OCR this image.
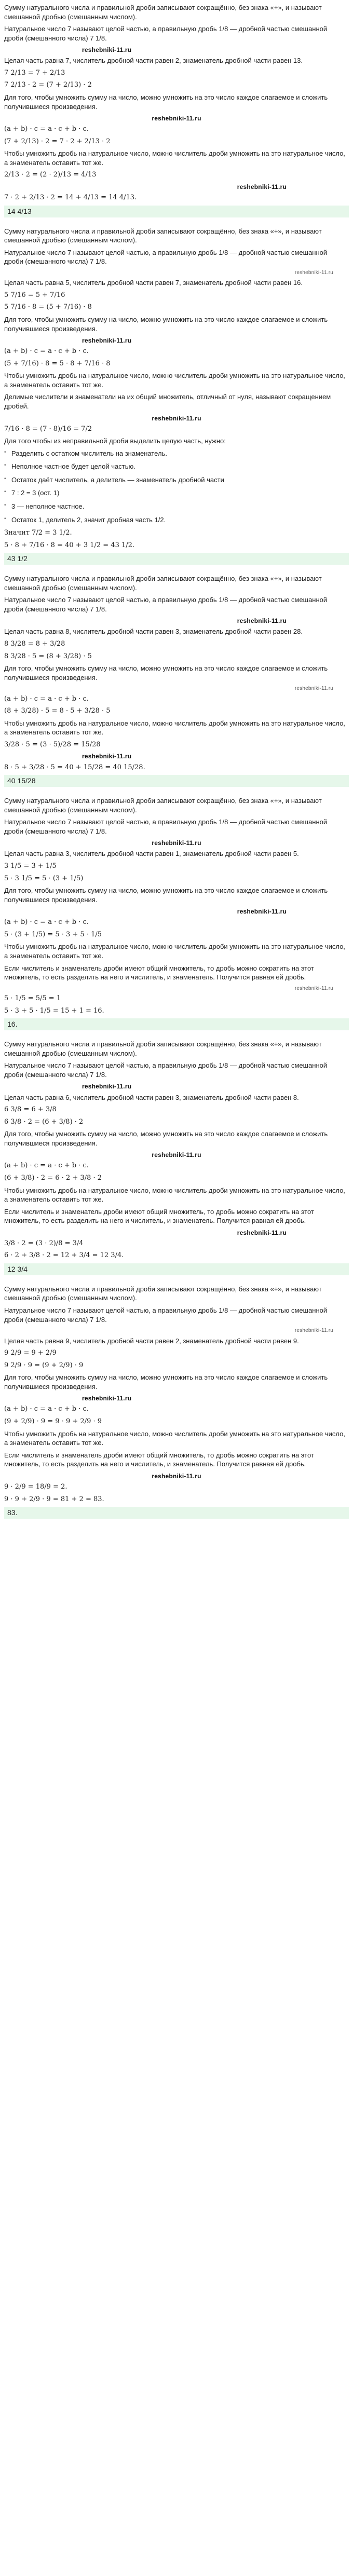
Сумму натурального числа и правильной дроби записывают сокращённо, без знака «+», и называют смешанной дробью (смешанным числом).
Натуральное число 7 называют целой частью, а правильную дробь 1/8 — дробной частью смешанной дроби (смешанного числа) 7 1/8.
reshebniki-11.ru
Целая часть равна 7, числитель дробной части равен 2, знаменатель дробной части равен 13.
7 2/13 = 7 + 2/13
7 2/13 · 2 = (7 + 2/13) · 2
Для того, чтобы умножить сумму на число, можно умножить на это число каждое слагаемое и сложить получившиеся произведения.
reshebniki-11.ru
(a + b) · c = a · c + b · c.
(7 + 2/13) · 2 = 7 · 2 + 2/13 · 2
Чтобы умножить дробь на натуральное число, можно числитель дроби умножить на это натуральное число, а знаменатель оставить тот же.
2/13 · 2 = (2 · 2)/13 = 4/13
reshebniki-11.ru
7 · 2 + 2/13 · 2 = 14 + 4/13 = 14 4/13.
14 4/13
Сумму натурального числа и правильной дроби записывают сокращённо, без знака «+», и называют смешанной дробью (смешанным числом).
Натуральное число 7 называют целой частью, а правильную дробь 1/8 — дробной частью смешанной дроби (смешанного числа) 7 1/8.
reshebniki-11.ru
Целая часть равна 5, числитель дробной части равен 7, знаменатель дробной части равен 16.
5 7/16 = 5 + 7/16
5 7/16 · 8 = (5 + 7/16) · 8
Для того, чтобы умножить сумму на число, можно умножить на это число каждое слагаемое и сложить получившиеся произведения.
reshebniki-11.ru
(a + b) · c = a · c + b · c.
(5 + 7/16) · 8 = 5 · 8 + 7/16 · 8
Чтобы умножить дробь на натуральное число, можно числитель дроби умножить на это натуральное число, а знаменатель оставить тот же.
Делимые числители и знаменатели на их общий множитель, отличный от нуля, называют сокращением дробей.
reshebniki-11.ru
7/16 · 8 = (7 · 8)/16 = 7/2
Для того чтобы из неправильной дроби выделить целую часть, нужно:
• Разделить с остатком числитель на знаменатель.
• Неполное частное будет целой частью.
• Остаток даёт числитель, а делитель — знаменатель дробной части
• 7 : 2 = 3 (ост. 1)
• 3 — неполное частное.
• Остаток 1, делитель 2, значит дробная часть 1/2.
Значит 7/2 = 3 1/2.
5 · 8 + 7/16 · 8 = 40 + 3 1/2 = 43 1/2.
43 1/2
Сумму натурального числа и правильной дроби записывают сокращённо, без знака «+», и называют смешанной дробью (смешанным числом).
Натуральное число 7 называют целой частью, а правильную дробь 1/8 — дробной частью смешанной дроби (смешанного числа) 7 1/8.
reshebniki-11.ru
Целая часть равна 8, числитель дробной части равен 3, знаменатель дробной части равен 28.
8 3/28 = 8 + 3/28
8 3/28 · 5 = (8 + 3/28) · 5
Для того, чтобы умножить сумму на число, можно умножить на это число каждое слагаемое и сложить получившиеся произведения.
reshebniki-11.ru
(a + b) · c = a · c + b · c.
(8 + 3/28) · 5 = 8 · 5 + 3/28 · 5
Чтобы умножить дробь на натуральное число, можно числитель дроби умножить на это натуральное число, а знаменатель оставить тот же.
3/28 · 5 = (3 · 5)/28 = 15/28
reshebniki-11.ru
8 · 5 + 3/28 · 5 = 40 + 15/28 = 40 15/28.
40 15/28
Сумму натурального числа и правильной дроби записывают сокращённо, без знака «+», и называют смешанной дробью (смешанным числом).
Натуральное число 7 называют целой частью, а правильную дробь 1/8 — дробной частью смешанной дроби (смешанного числа) 7 1/8.
reshebniki-11.ru
Целая часть равна 3, числитель дробной части равен 1, знаменатель дробной части равен 5.
3 1/5 = 3 + 1/5
5 · 3 1/5 = 5 · (3 + 1/5)
Для того, чтобы умножить сумму на число, можно умножить на это число каждое слагаемое и сложить получившиеся произведения.
reshebniki-11.ru
(a + b) · c = a · c + b · c.
5 · (3 + 1/5) = 5 · 3 + 5 · 1/5
Чтобы умножить дробь на натуральное число, можно числитель дроби умножить на это натуральное число, а знаменатель оставить тот же.
Если числитель и знаменатель дроби имеют общий множитель, то дробь можно сократить на этот множитель, то есть разделить на него и числитель, и знаменатель. Получится равная ей дробь.
reshebniki-11.ru
5 · 1/5 = 5/5 = 1
5 · 3 + 5 · 1/5 = 15 + 1 = 16.
16.
Сумму натурального числа и правильной дроби записывают сокращённо, без знака «+», и называют смешанной дробью (смешанным числом).
Натуральное число 7 называют целой частью, а правильную дробь 1/8 — дробной частью смешанной дроби (смешанного числа) 7 1/8.
reshebniki-11.ru
Целая часть равна 6, числитель дробной части равен 3, знаменатель дробной части равен 8.
6 3/8 = 6 + 3/8
6 3/8 · 2 = (6 + 3/8) · 2
Для того, чтобы умножить сумму на число, можно умножить на это число каждое слагаемое и сложить получившиеся произведения.
reshebniki-11.ru
(a + b) · c = a · c + b · c.
(6 + 3/8) · 2 = 6 · 2 + 3/8 · 2
Чтобы умножить дробь на натуральное число, можно числитель дроби умножить на это натуральное число, а знаменатель оставить тот же.
Если числитель и знаменатель дроби имеют общий множитель, то дробь можно сократить на этот множитель, то есть разделить на него и числитель, и знаменатель. Получится равная ей дробь.
reshebniki-11.ru
3/8 · 2 = (3 · 2)/8 = 3/4
6 · 2 + 3/8 · 2 = 12 + 3/4 = 12 3/4.
12 3/4
Сумму натурального числа и правильной дроби записывают сокращённо, без знака «+», и называют смешанной дробью (смешанным числом).
Натуральное число 7 называют целой частью, а правильную дробь 1/8 — дробной частью смешанной дроби (смешанного числа) 7 1/8.
reshebniki-11.ru
Целая часть равна 9, числитель дробной части равен 2, знаменатель дробной части равен 9.
9 2/9 = 9 + 2/9
9 2/9 · 9 = (9 + 2/9) · 9
Для того, чтобы умножить сумму на число, можно умножить на это число каждое слагаемое и сложить получившиеся произведения.
reshebniki-11.ru
(a + b) · c = a · c + b · c.
(9 + 2/9) · 9 = 9 · 9 + 2/9 · 9
Чтобы умножить дробь на натуральное число, можно числитель дроби умножить на это натуральное число, а знаменатель оставить тот же.
Если числитель и знаменатель дроби имеют общий множитель, то дробь можно сократить на этот множитель, то есть разделить на него и числитель, и знаменатель. Получится равная ей дробь.
reshebniki-11.ru
9 · 2/9 = 18/9 = 2.
9 · 9 + 2/9 · 9 = 81 + 2 = 83.
83.
